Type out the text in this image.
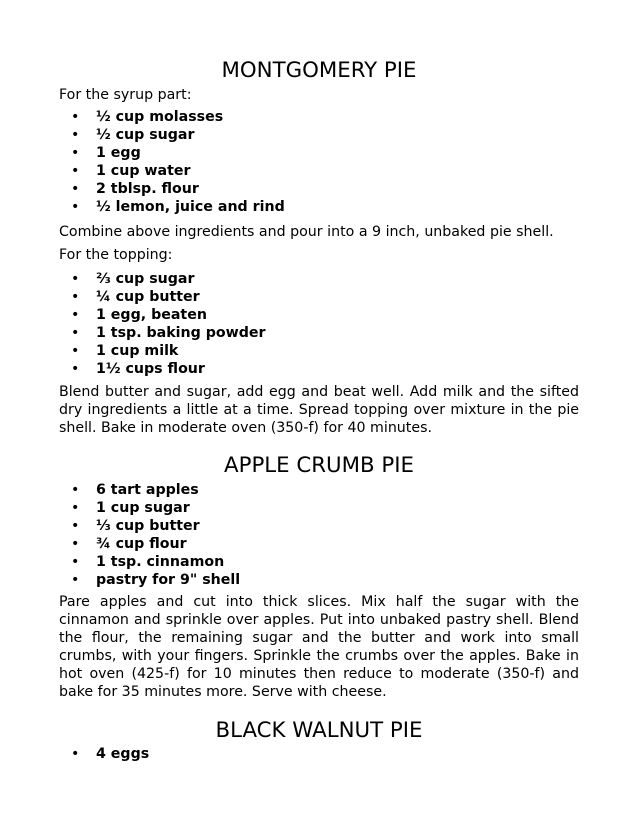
MONTGOMERY PIE

For the syrup part:

• ½ cup molasses
• ½ cup sugar
• 1 egg
• 1 cup water
• 2 tblsp. flour
• ½ lemon, juice and rind

Combine above ingredients and pour into a 9 inch, unbaked pie shell.

For the topping:

• ⅔ cup sugar
• ¼ cup butter
• 1 egg, beaten
• 1 tsp. baking powder
• 1 cup milk
• 1½ cups flour

Blend butter and sugar, add egg and beat well. Add milk and the sifted dry ingredients a little at a time. Spread topping over mixture in the pie shell. Bake in moderate oven (350-f) for 40 minutes.

APPLE CRUMB PIE
• 6 tart apples
• 1 cup sugar
• ⅓ cup butter
• ¾ cup flour
• 1 tsp. cinnamon
• pastry for 9" shell

Pare apples and cut into thick slices. Mix half the sugar with the cinnamon and sprinkle over apples. Put into unbaked pastry shell. Blend the flour, the remaining sugar and the butter and work into small crumbs, with your fingers. Sprinkle the crumbs over the apples. Bake in hot oven (425-f) for 10 minutes then reduce to moderate (350-f) and bake for 35 minutes more. Serve with cheese.

BLACK WALNUT PIE
• 4 eggs
